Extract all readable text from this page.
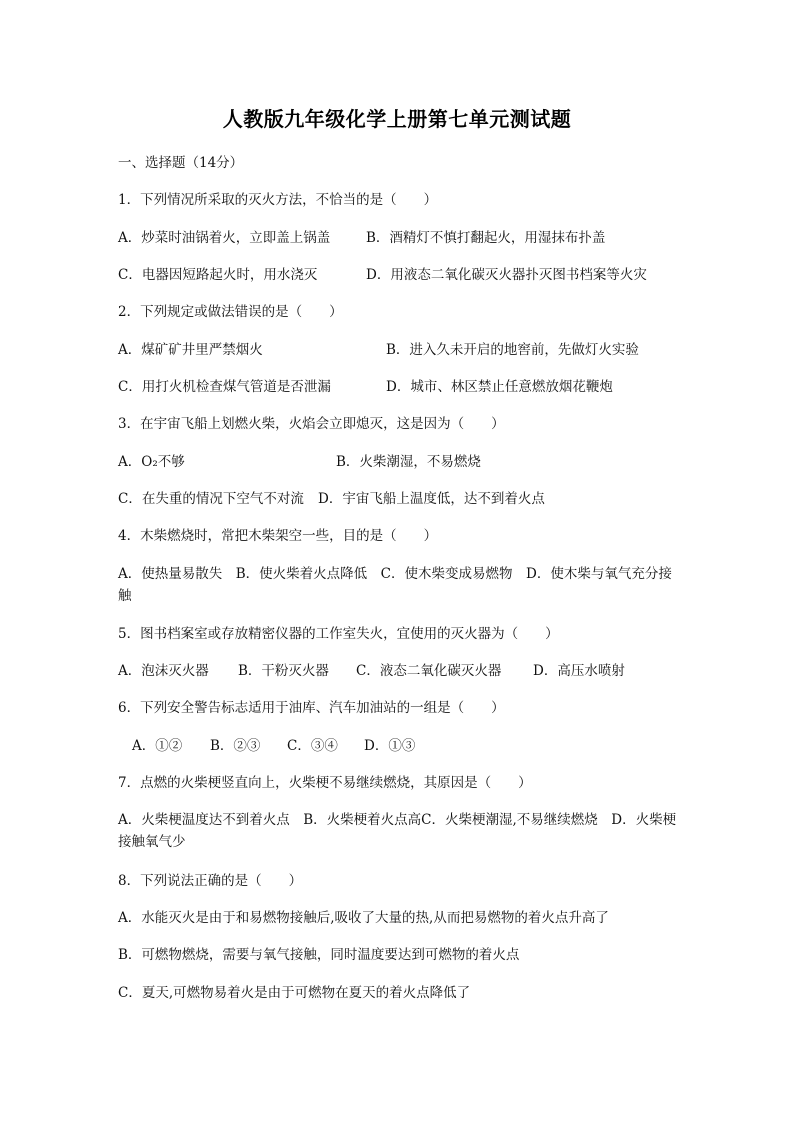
人教版九年级化学上册第七单元测试题
一、选择题（14分）
1．下列情况所采取的灭火方法，不恰当的是（　　）
A．炒菜时油锅着火，立即盖上锅盖	B．酒精灯不慎打翻起火，用湿抹布扑盖
C．电器因短路起火时，用水浇灭	D．用液态二氧化碳灭火器扑灭图书档案等火灾
2．下列规定或做法错误的是（　　）
A．煤矿矿井里严禁烟火	B．进入久未开启的地窖前，先做灯火实验
C．用打火机检查煤气管道是否泄漏	D．城市、林区禁止任意燃放烟花鞭炮
3．在宇宙飞船上划燃火柴，火焰会立即熄灭，这是因为（　　）
A．O₂不够	B．火柴潮湿，不易燃烧
C．在失重的情况下空气不对流 D．宇宙飞船上温度低，达不到着火点
4．木柴燃烧时，常把木柴架空一些，目的是（　　）
A．使热量易散失　B．使火柴着火点降低　C．使木柴变成易燃物　D．使木柴与氧气充分接触
5．图书档案室或存放精密仪器的工作室失火，宜使用的灭火器为（　　）
A．泡沫灭火器 B．干粉灭火器 C．液态二氧化碳灭火器 D．高压水喷射
6．下列安全警告标志适用于油库、汽车加油站的一组是（　　）
A．①② B．②③ C．③④ D．①③
7．点燃的火柴梗竖直向上，火柴梗不易继续燃烧，其原因是（　　）
A．火柴梗温度达不到着火点　B．火柴梗着火点高C．火柴梗潮湿,不易继续燃烧　D．火柴梗接触氧气少
8．下列说法正确的是（　　）
A．水能灭火是由于和易燃物接触后,吸收了大量的热,从而把易燃物的着火点升高了
B．可燃物燃烧，需要与氧气接触，同时温度要达到可燃物的着火点
C．夏天,可燃物易着火是由于可燃物在夏天的着火点降低了
